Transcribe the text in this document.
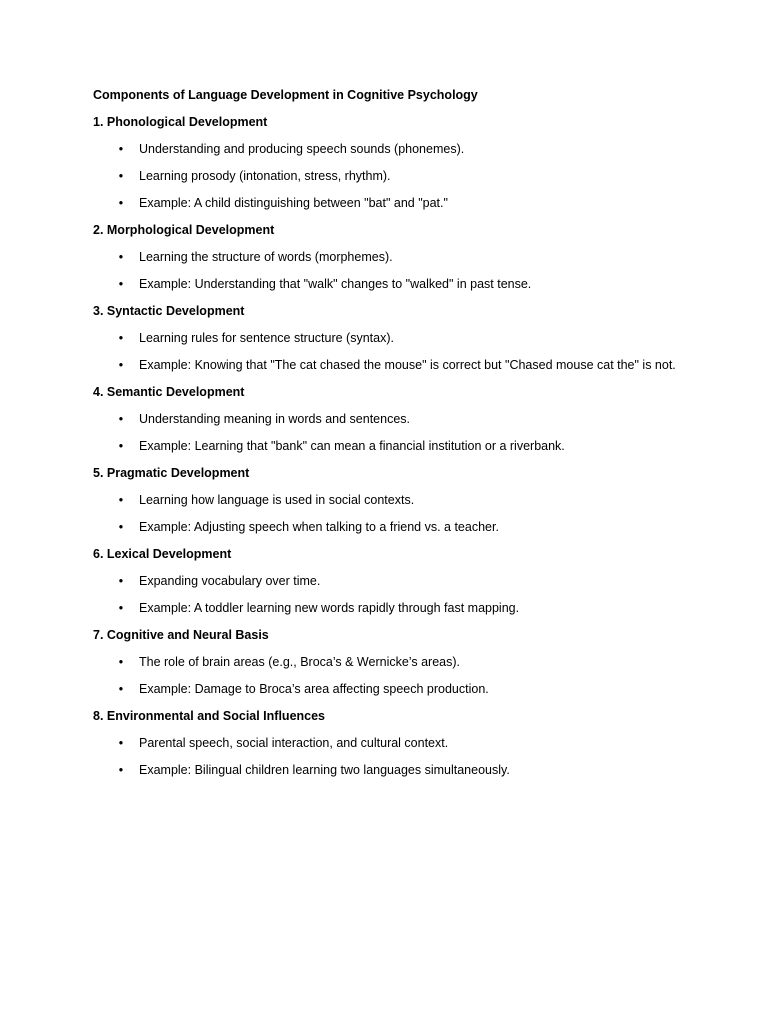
Components of Language Development in Cognitive Psychology

1. Phonological Development

• Understanding and producing speech sounds (phonemes).
• Learning prosody (intonation, stress, rhythm).
• Example: A child distinguishing between "bat" and "pat."

2. Morphological Development

• Learning the structure of words (morphemes).
• Example: Understanding that "walk" changes to "walked" in past tense.

3. Syntactic Development

• Learning rules for sentence structure (syntax).
• Example: Knowing that "The cat chased the mouse" is correct but "Chased mouse cat the" is not.

4. Semantic Development

• Understanding meaning in words and sentences.
• Example: Learning that "bank" can mean a financial institution or a riverbank.

5. Pragmatic Development

• Learning how language is used in social contexts.
• Example: Adjusting speech when talking to a friend vs. a teacher.

6. Lexical Development

• Expanding vocabulary over time.
• Example: A toddler learning new words rapidly through fast mapping.

7. Cognitive and Neural Basis

• The role of brain areas (e.g., Broca’s & Wernicke’s areas).
• Example: Damage to Broca’s area affecting speech production.

8. Environmental and Social Influences

• Parental speech, social interaction, and cultural context.
• Example: Bilingual children learning two languages simultaneously.
